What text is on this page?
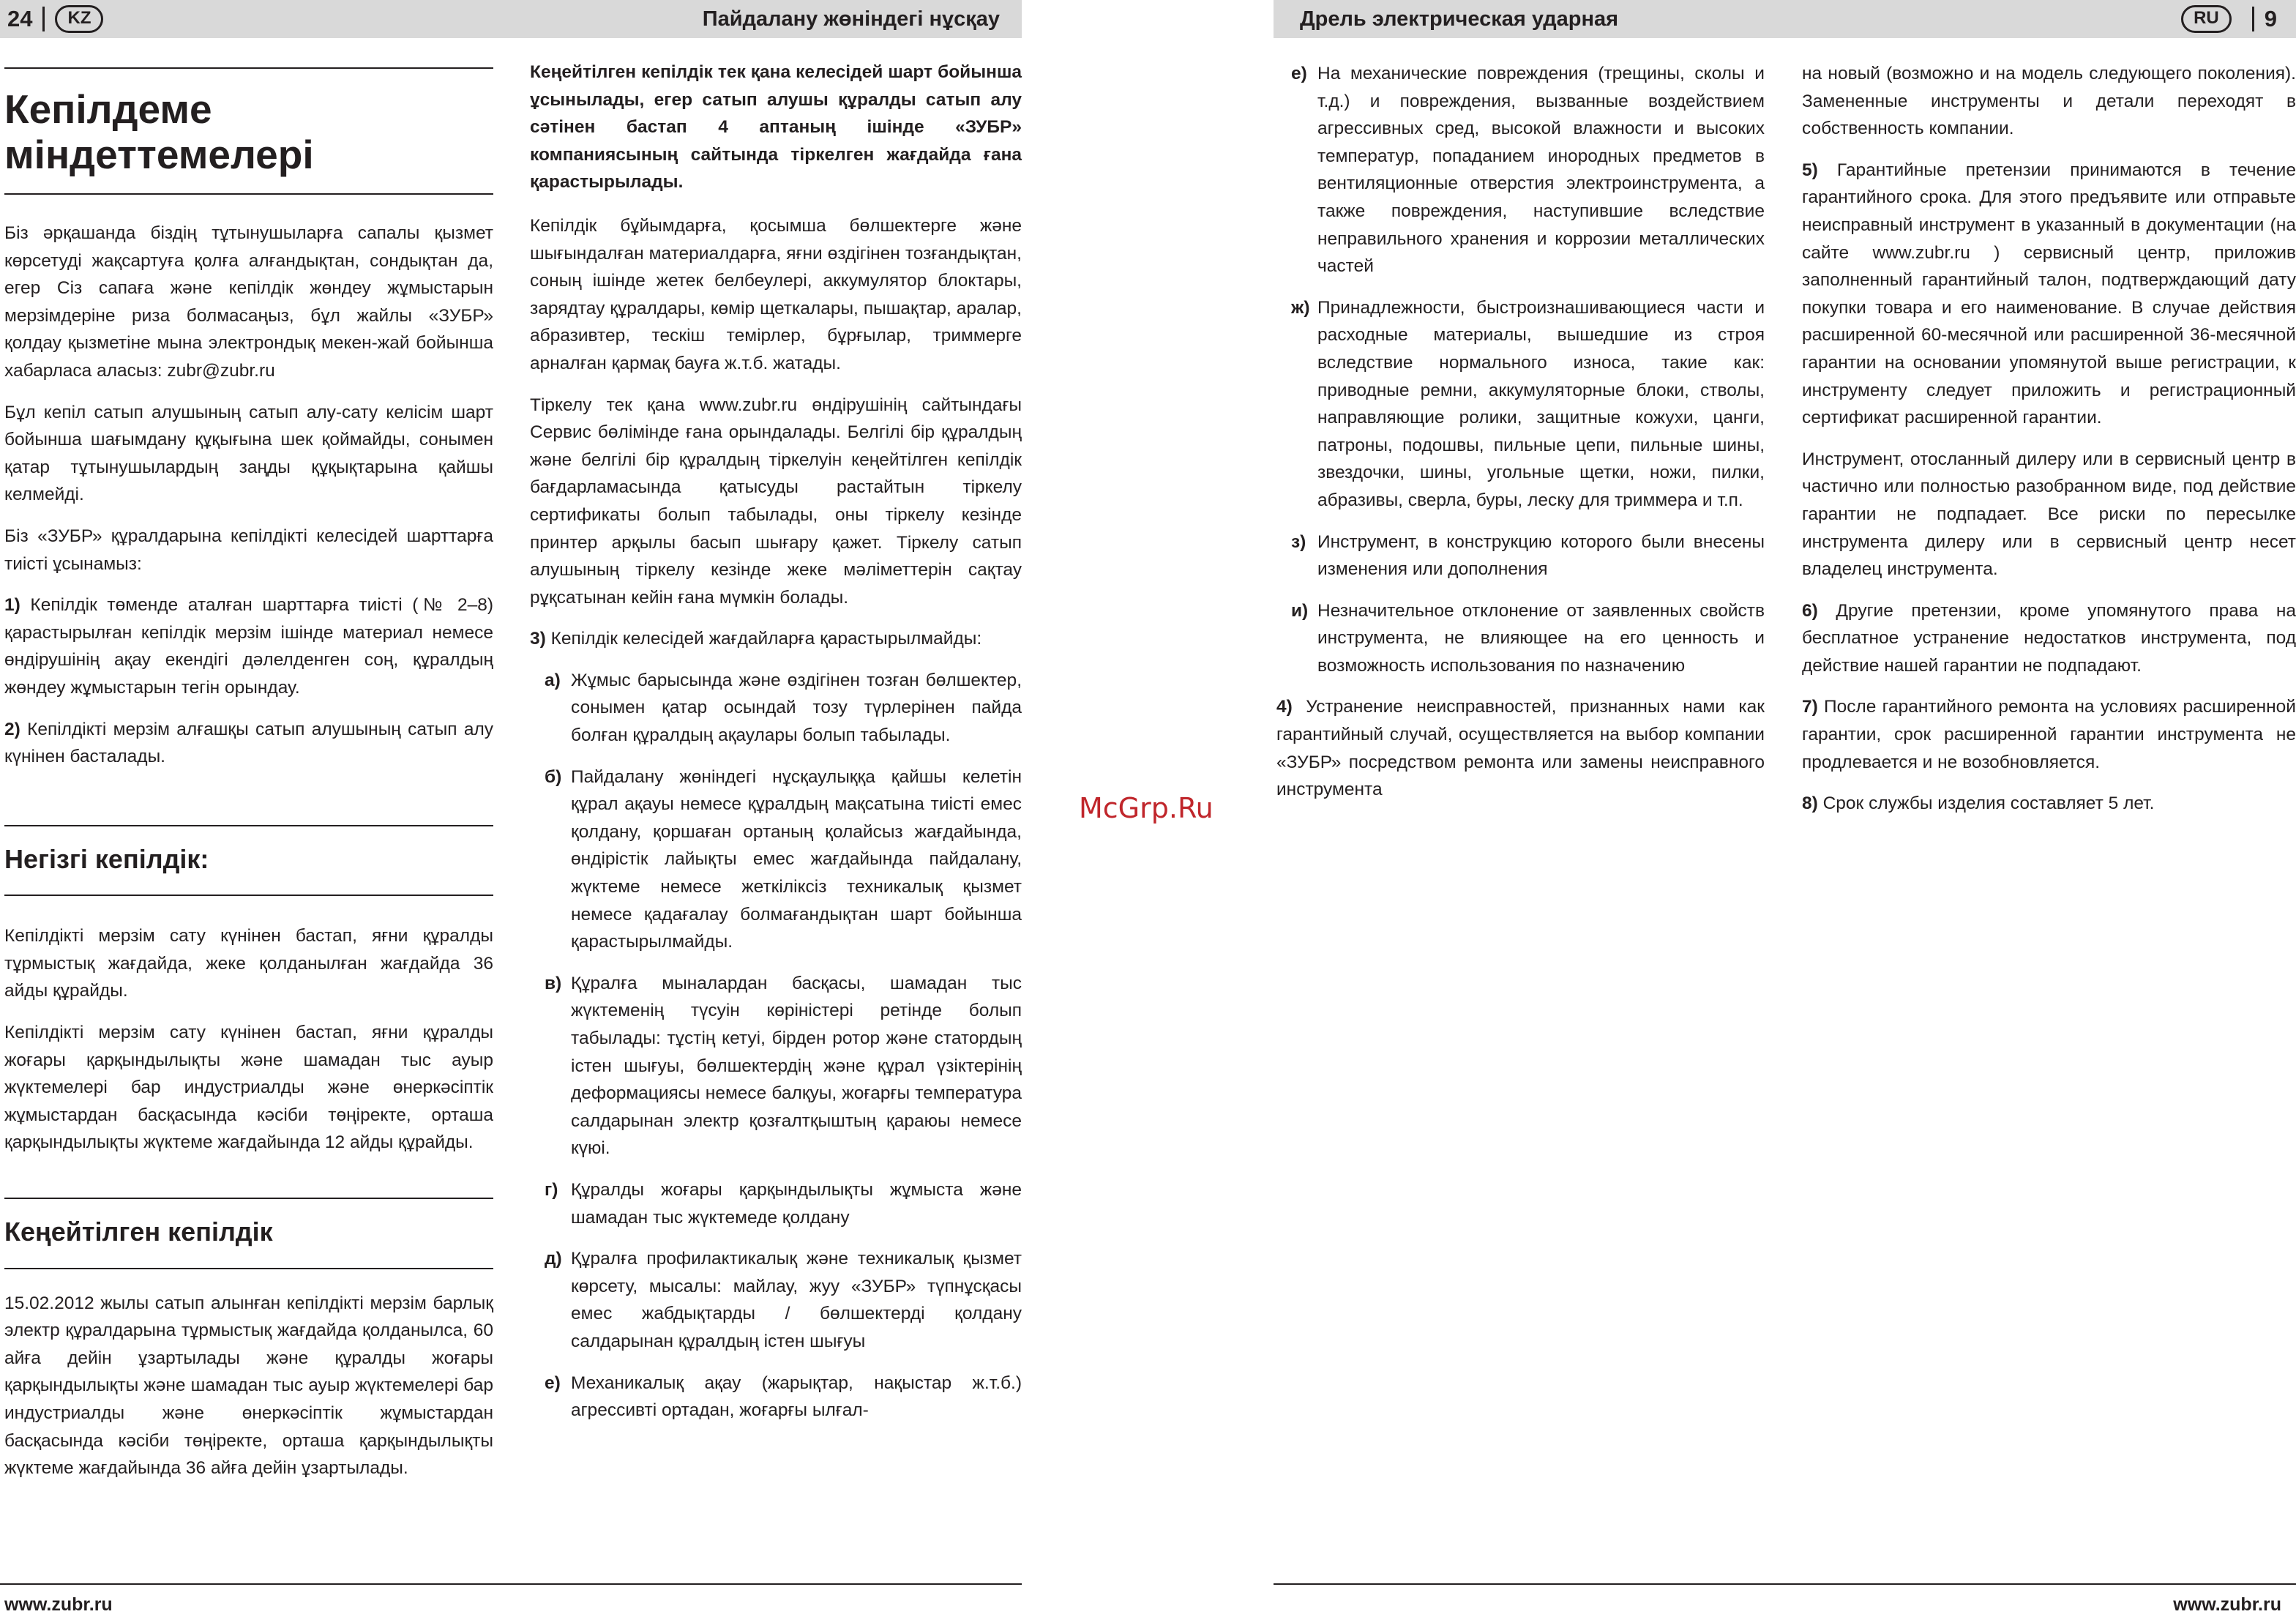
24	KZ	Пайдалану жөніндегі нұсқау
Кепілдеме міндеттемелері

Біз әрқашанда біздің тұтынушыларға сапалы қызмет көрсетуді жақсартуға қолға алғандықтан, сондықтан да, егер Сіз сапаға және кепілдік жөндеу жұмыстарын мерзімдеріне риза болмасаңыз, бұл жайлы «ЗУБР» қолдау қызметіне мына электрондық мекен-жай бойынша хабарласа аласыз: zubr@zubr.ru

Бұл кепіл сатып алушының сатып алу-сату келісім шарт бойынша шағымдану құқығына шек қоймайды, сонымен қатар тұтынушылардың заңды құқықтарына қайшы келмейді.

Біз «ЗУБР» құралдарына кепілдікті келесідей шарттарға тиісті ұсынамыз:

1) Кепілдік төменде аталған шарттарға тиісті (№ 2–8) қарастырылған кепілдік мерзім ішінде материал немесе өндірушінің ақау екендігі дәлелденген соң, құралдың жөндеу жұмыстарын тегін орындау.

2) Кепілдікті мерзім алғашқы сатып алушының сатып алу күнінен басталады.

Негізгі кепілдік:

Кепілдікті мерзім сату күнінен бастап, яғни құралды тұрмыстық жағдайда, жеке қолданылған жағдайда 36 айды құрайды.

Кепілдікті мерзім сату күнінен бастап, яғни құралды жоғары қарқындылықты және шамадан тыс ауыр жүктемелері бар индустриалды және өнеркәсіптік жұмыстардан басқасында кәсіби төңіректе, орташа қарқындылықты жүктеме жағдайында 12 айды құрайды.

Кеңейтілген кепілдік

15.02.2012 жылы сатып алынған кепілдікті мерзім барлық электр құралдарына тұрмыстық жағдайда қолданылса, 60 айға дейін ұзартылады және құралды жоғары қарқындылықты және шамадан тыс ауыр жүктемелері бар индустриалды және өнеркәсіптік жұмыстардан басқасында кәсіби төңіректе, орташа қарқындылықты жүктеме жағдайында 36 айға дейін ұзартылады.

Кеңейтілген кепілдік тек қана келесідей шарт бойынша ұсынылады, егер сатып алушы құралды сатып алу сәтінен бастап 4 аптаның ішінде «ЗУБР» компаниясының сайтында тіркелген жағдайда ғана қарастырылады.

Кепілдік бұйымдарға, қосымша бөлшектерге және шығындалған материалдарға, яғни өздігінен тозғандықтан, соның ішінде жетек белбеулері, аккумулятор блоктары, зарядтау құралдары, көмір щеткалары, пышақтар, аралар, абразивтер, тескіш темірлер, бұрғылар, триммерге арналған қармақ бауға ж.т.б. жатады.

Тіркелу тек қана www.zubr.ru өндірушінің сайтындағы Сервис бөлімінде ғана орындалады. Белгілі бір құралдың және белгілі бір құралдың тіркелуін кеңейтілген кепілдік бағдарламасында қатысуды растайтын тіркелу сертификаты болып табылады, оны тіркелу кезінде принтер арқылы басып шығару қажет. Тіркелу сатып алушының тіркелу кезінде жеке мәліметтерін сақтау рұқсатынан кейін ғана мүмкін болады.

3) Кепілдік келесідей жағдайларға қарастырылмайды:

а) Жұмыс барысында және өздігінен тозған бөлшектер, сонымен қатар осындай тозу түрлерінен пайда болған құралдың ақаулары болып табылады.
б) Пайдалану жөніндегі нұсқаулыққа қайшы келетін құрал ақауы немесе құралдың мақсатына тиісті емес қолдану, қоршаған ортаның қолайсыз жағдайында, өндірістік лайықты емес жағдайында пайдалану, жүктеме немесе жеткіліксіз техникалық қызмет немесе қадағалау болмағандықтан шарт бойынша қарастырылмайды.
в) Құралға мыналардан басқасы, шамадан тыс жүктеменің түсуін көріністері ретінде болып табылады: тұстің кетуі, бірден ротор және статордың істен шығуы, бөлшектердің және құрал үзіктерінің деформациясы немесе балқуы, жоғарғы температура салдарынан электр қозғалтқыштың қараюы немесе күюі.
г) Құралды жоғары қарқындылықты жұмыста және шамадан тыс жүктемеде қолдану
д) Құралға профилактикалық және техникалық қызмет көрсету, мысалы: майлау, жуу «ЗУБР» түпнұсқасы емес жабдықтарды / бөлшектерді қолдану салдарынан құралдың істен шығуы
е) Механикалық ақау (жарықтар, нақыстар ж.т.б.) агрессивті ортадан, жоғарғы ылғал-
www.zubr.ru
McGrp.Ru
Дрель электрическая ударная	RU	9
е) На механические повреждения (трещины, сколы и т.д.) и повреждения, вызванные воздействием агрессивных сред, высокой влажности и высоких температур, попаданием инородных предметов в вентиляционные отверстия электроинструмента, а также повреждения, наступившие вследствие неправильного хранения и коррозии металлических частей
ж) Принадлежности, быстроизнашивающиеся части и расходные материалы, вышедшие из строя вследствие нормального износа, такие как: приводные ремни, аккумуляторные блоки, стволы, направляющие ролики, защитные кожухи, цанги, патроны, подошвы, пильные цепи, пильные шины, звездочки, шины, угольные щетки, ножи, пилки, абразивы, сверла, буры, леску для триммера и т.п.
з) Инструмент, в конструкцию которого были внесены изменения или дополнения
и) Незначительное отклонение от заявленных свойств инструмента, не влияющее на его ценность и возможность использования по назначению

4) Устранение неисправностей, признанных нами как гарантийный случай, осуществляется на выбор компании «ЗУБР» посредством ремонта или замены неисправного инструмента

на новый (возможно и на модель следующего поколения). Замененные инструменты и детали переходят в собственность компании.

5) Гарантийные претензии принимаются в течение гарантийного срока. Для этого предъявите или отправьте неисправный инструмент в указанный в документации (на сайте www.zubr.ru ) сервисный центр, приложив заполненный гарантийный талон, подтверждающий дату покупки товара и его наименование. В случае действия расширенной 60-месячной или расширенной 36-месячной гарантии на основании упомянутой выше регистрации, к инструменту следует приложить и регистрационный сертификат расширенной гарантии.

Инструмент, отосланный дилеру или в сервисный центр в частично или полностью разобранном виде, под действие гарантии не подпадает. Все риски по пересылке инструмента дилеру или в сервисный центр несет владелец инструмента.

6) Другие претензии, кроме упомянутого права на бесплатное устранение недостатков инструмента, под действие нашей гарантии не подпадают.

7) После гарантийного ремонта на условиях расширенной гарантии, срок расширенной гарантии инструмента не продлевается и не возобновляется.

8) Срок службы изделия составляет 5 лет.

www.zubr.ru
